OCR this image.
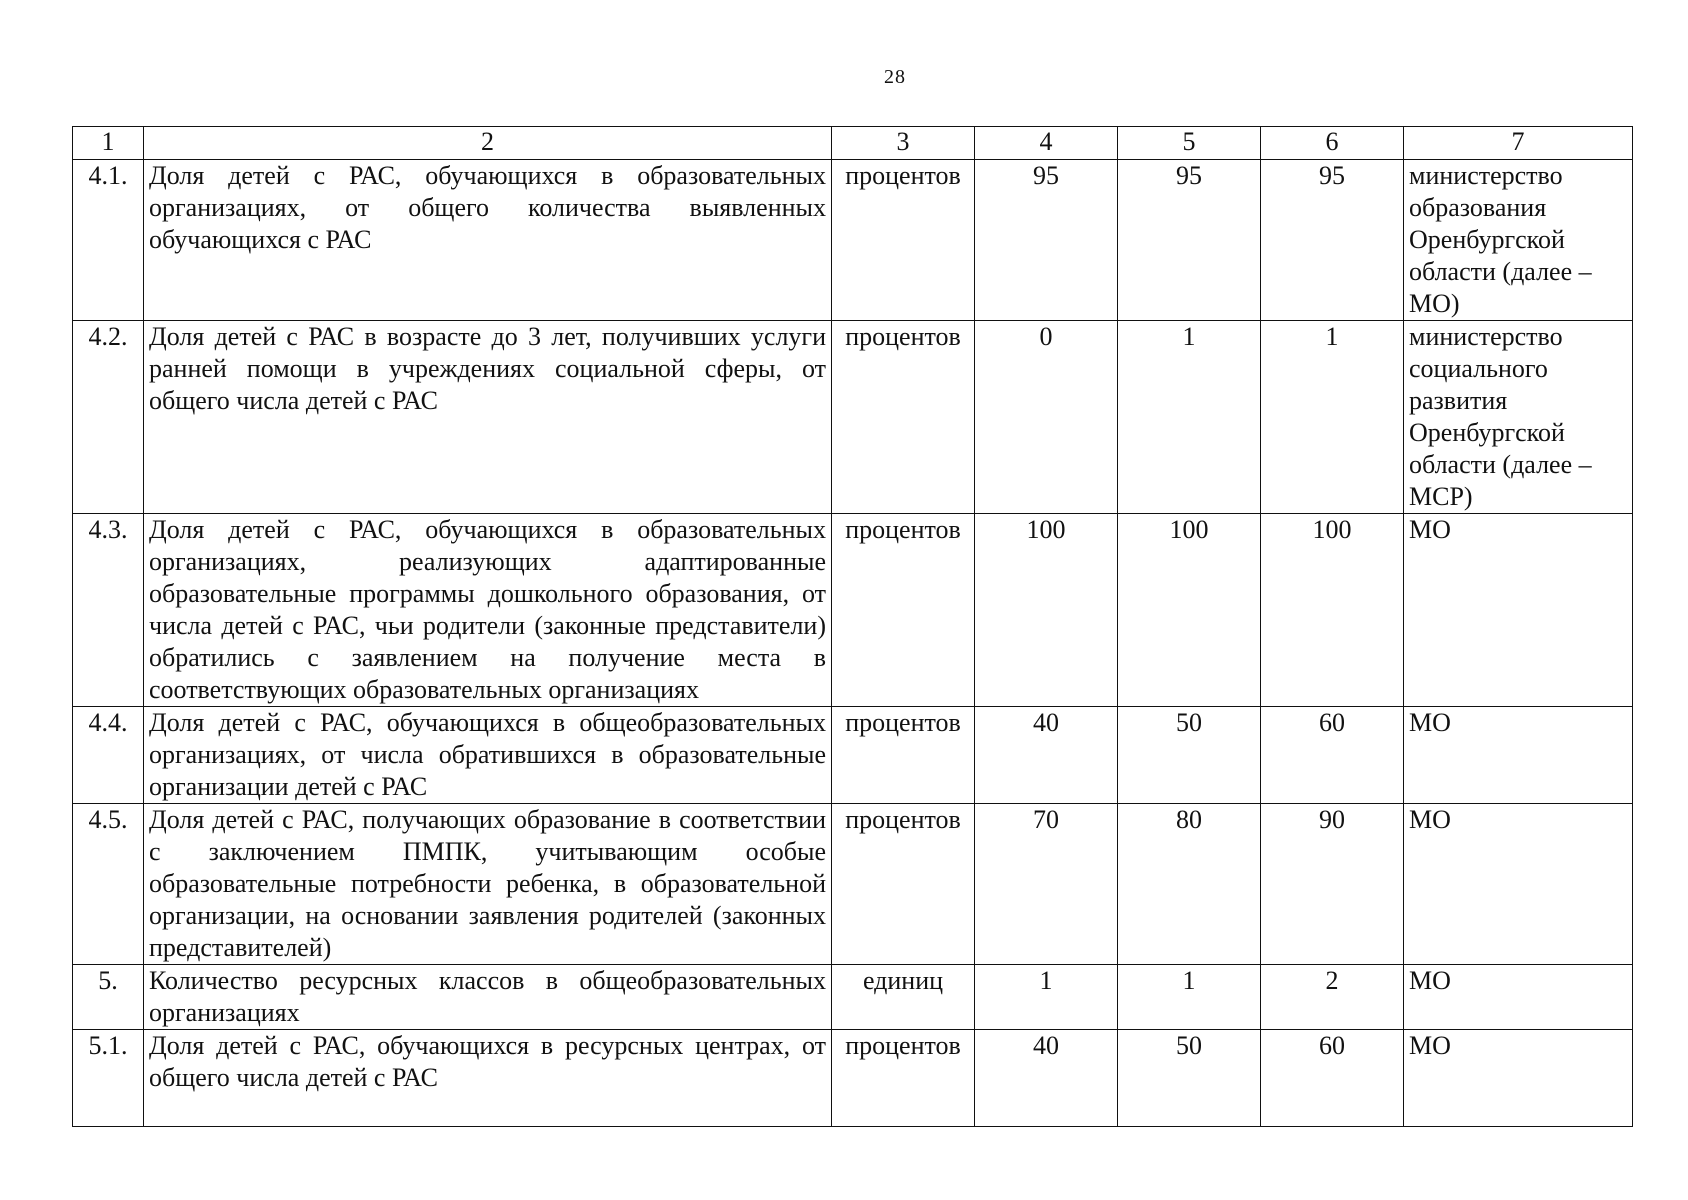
28
1	2	3	4	5	6	7
4.1.	Доля детей с РАС, обучающихся в образовательных организациях, от общего количества выявленных обучающихся с РАС	процентов	95	95	95	министерство образования Оренбургской области (далее – МО)
4.2.	Доля детей с РАС в возрасте до 3 лет, получивших услуги ранней помощи в учреждениях социальной сферы, от общего числа детей с РАС	процентов	0	1	1	министерство социального развития Оренбургской области (далее – МСР)
4.3.	Доля детей с РАС, обучающихся в образовательных организациях, реализующих адаптированные образовательные программы дошкольного образования, от числа детей с РАС, чьи родители (законные представители) обратились с заявлением на получение места в соответствующих образовательных организациях	процентов	100	100	100	МО
4.4.	Доля детей с РАС, обучающихся в общеобразовательных организациях, от числа обратившихся в образовательные организации детей с РАС	процентов	40	50	60	МО
4.5.	Доля детей с РАС, получающих образование в соответствии с заключением ПМПК, учитывающим особые образовательные потребности ребенка, в образовательной организации, на основании заявления родителей (законных представителей)	процентов	70	80	90	МО
5.	Количество ресурсных классов в общеобразовательных организациях	единиц	1	1	2	МО
5.1.	Доля детей с РАС, обучающихся в ресурсных центрах, от общего числа детей с РАС	процентов	40	50	60	МО
